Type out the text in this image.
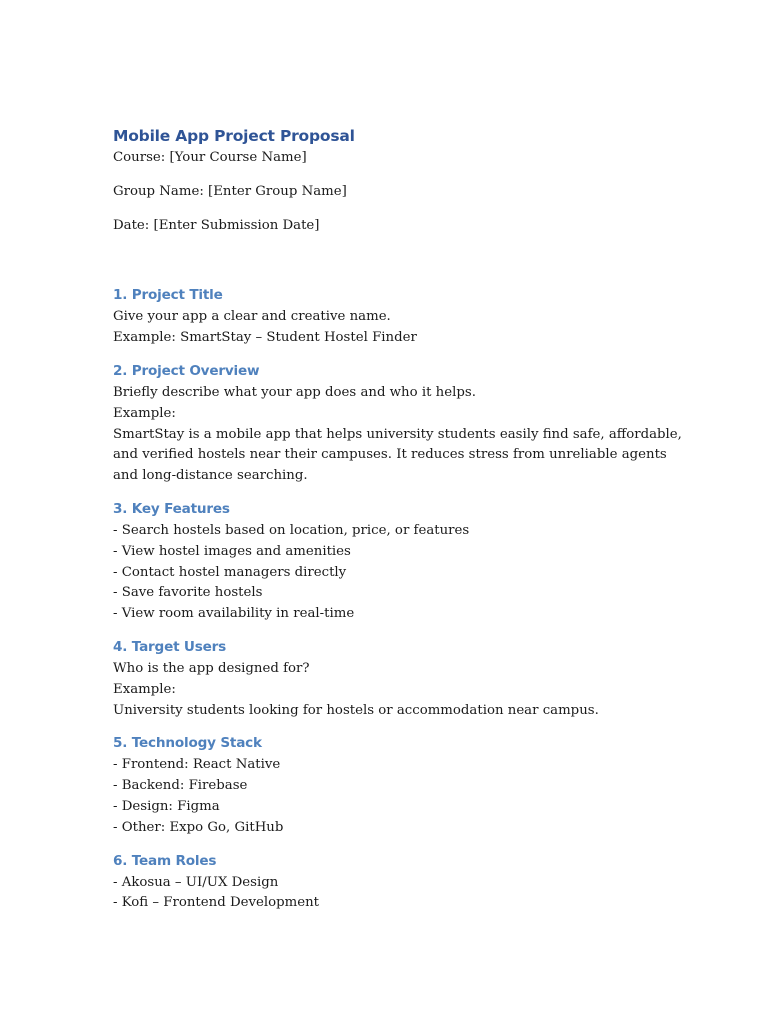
Mobile App Project Proposal

Course: [Your Course Name]

Group Name: [Enter Group Name]

Date: [Enter Submission Date]

1. Project Title

Give your app a clear and creative name.

Example: SmartStay – Student Hostel Finder

2. Project Overview

Briefly describe what your app does and who it helps.

Example:

SmartStay is a mobile app that helps university students easily find safe, affordable,

and verified hostels near their campuses. It reduces stress from unreliable agents

and long-distance searching.

3. Key Features

- Search hostels based on location, price, or features

- View hostel images and amenities

- Contact hostel managers directly

- Save favorite hostels

- View room availability in real-time

4. Target Users

Who is the app designed for?

Example:

University students looking for hostels or accommodation near campus.

5. Technology Stack

- Frontend: React Native

- Backend: Firebase

- Design: Figma

- Other: Expo Go, GitHub

6. Team Roles

- Akosua – UI/UX Design

- Kofi – Frontend Development
